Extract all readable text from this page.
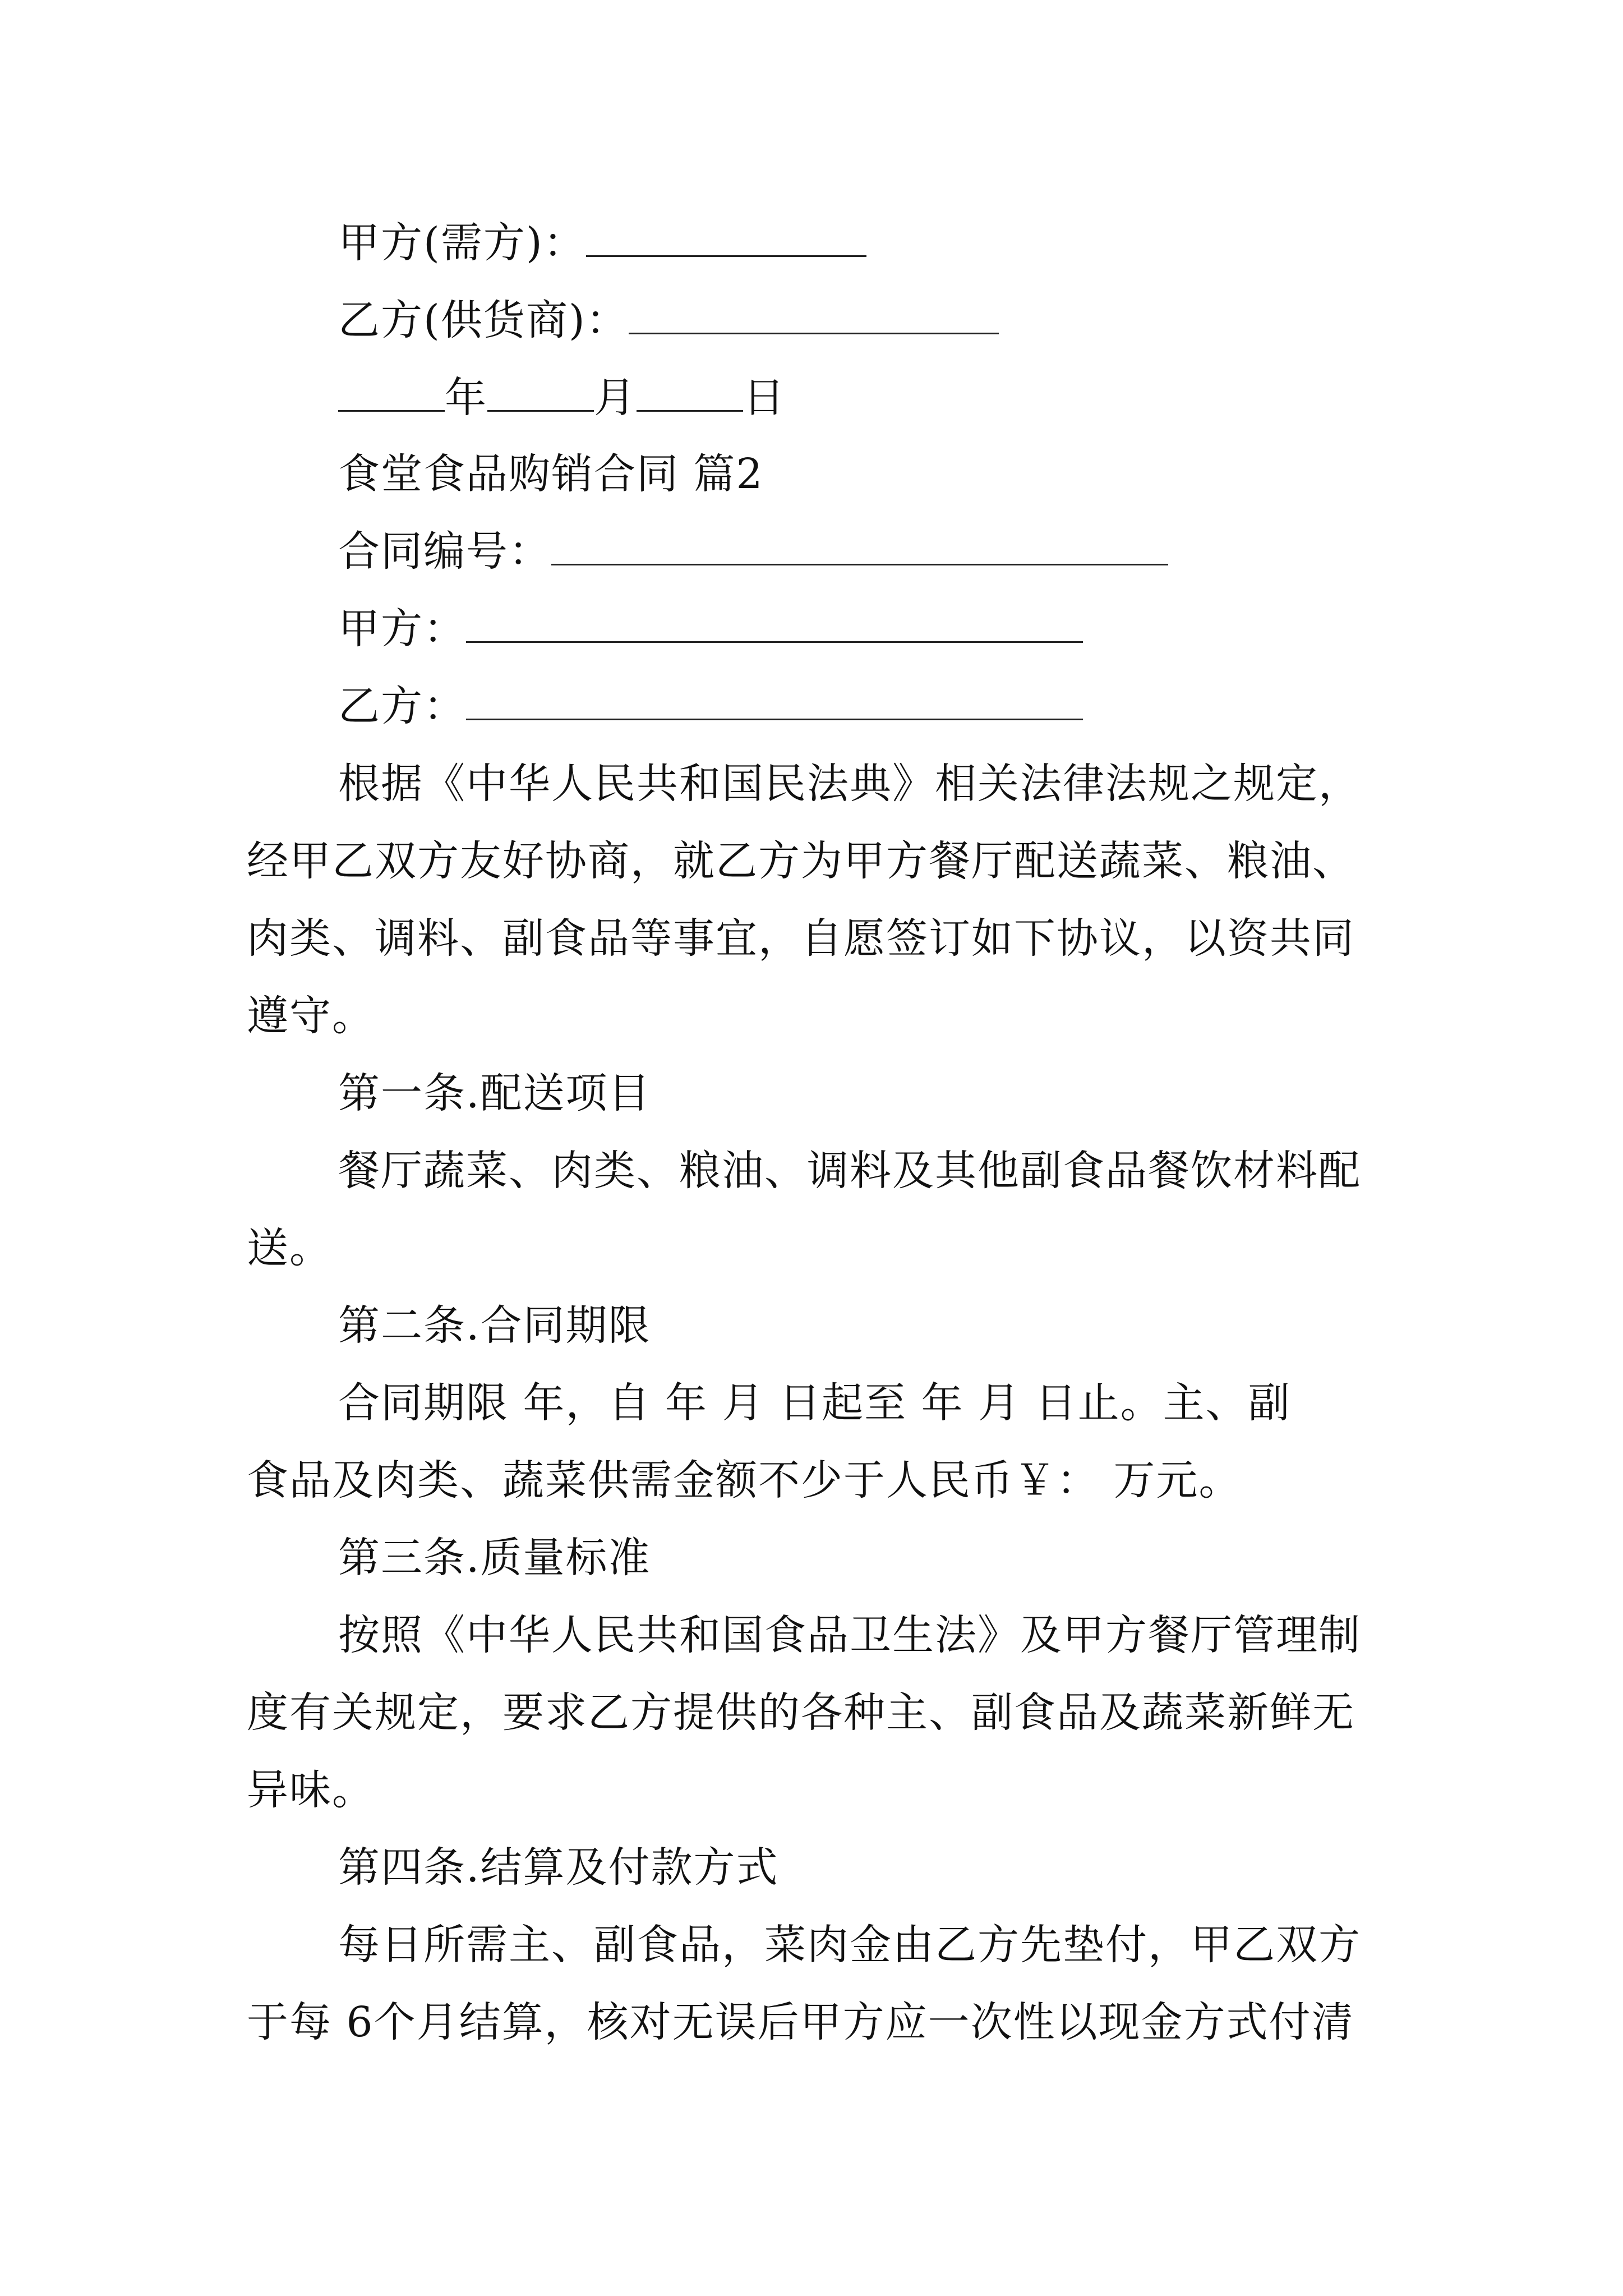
甲方(需方)：
乙方(供货商)：
年	月	日
食堂食品购销合同 篇2
合同编号：
甲方：
乙方：
根据《中华人民共和国民法典》相关法律法规之规定，
经甲乙双方友好协商，就乙方为甲方餐厅配送蔬菜、粮油、
肉类、调料、副食品等事宜，自愿签订如下协议，以资共同
遵守。
第一条.配送项目
餐厅蔬菜、肉类、粮油、调料及其他副食品餐饮材料配
送。
第二条.合同期限
合同期限 年，自 年 月 日起至 年 月 日止。主、副
食品及肉类、蔬菜供需金额不少于人民币￥： 万元。
第三条.质量标准
按照《中华人民共和国食品卫生法》及甲方餐厅管理制
度有关规定，要求乙方提供的各种主、副食品及蔬菜新鲜无
异味。
第四条.结算及付款方式
每日所需主、副食品，菜肉金由乙方先垫付，甲乙双方
于每 6个月结算，核对无误后甲方应一次性以现金方式付清
